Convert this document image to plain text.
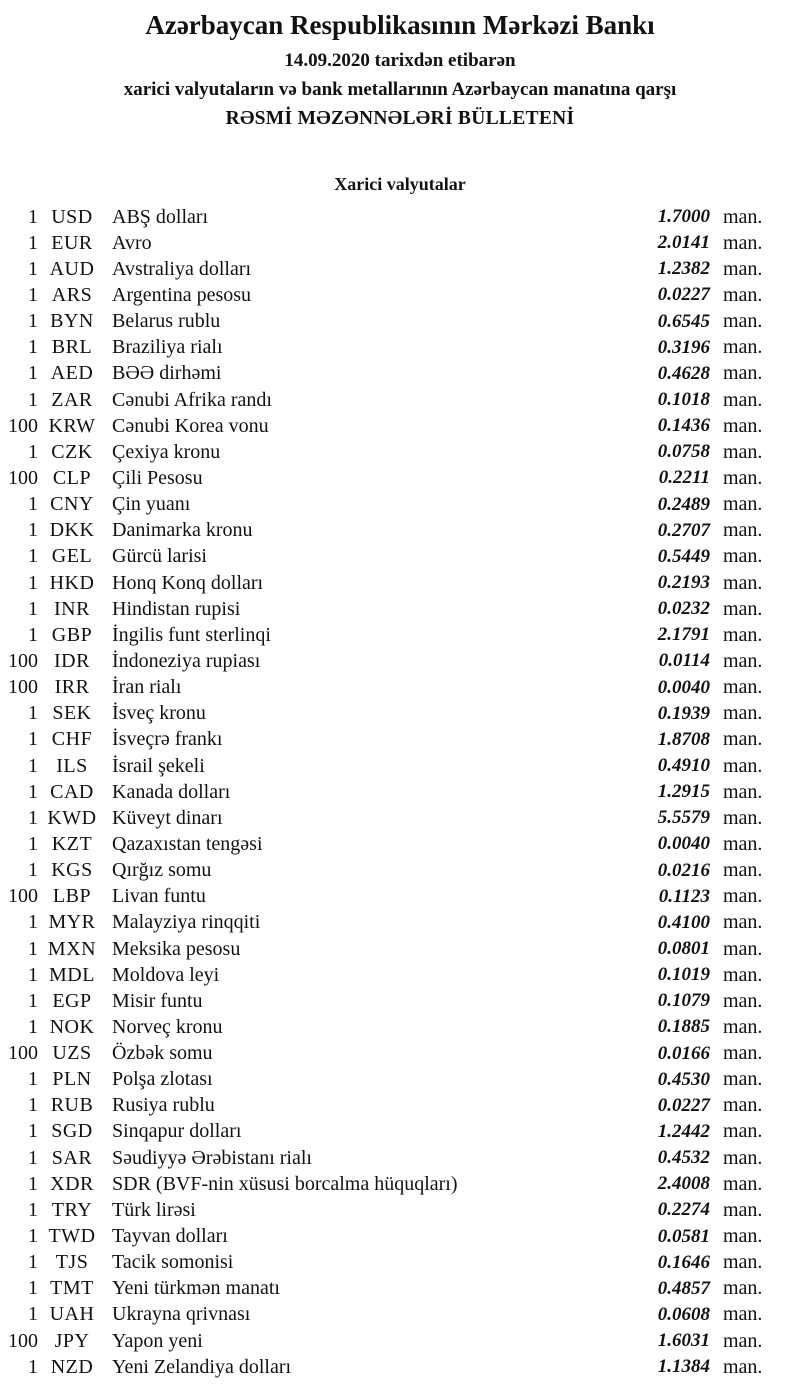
Azərbaycan Respublikasının Mərkəzi Bankı
14.09.2020 tarixdən etibarən
xarici valyutaların və bank metallarının Azərbaycan manatına qarşı
RƏSMİ MƏZƏNNƏLƏRİ BÜLLETENİ
Xarici valyutalar
1 USD ABŞ dolları	1.7000 man.
1 EUR Avro	2.0141 man.
1 AUD Avstraliya dolları	1.2382 man.
1 ARS Argentina pesosu	0.0227 man.
1 BYN Belarus rublu	0.6545 man.
1 BRL Braziliya rialı	0.3196 man.
1 AED BƏƏ dirhəmi	0.4628 man.
1 ZAR Cənubi Afrika randı	0.1018 man.
100 KRW Cənubi Korea vonu	0.1436 man.
1 CZK Çexiya kronu	0.0758 man.
100 CLP	Çili Pesosu	0.2211 man.
1 CNY Çin yuanı	0.2489 man.
1 DKK Danimarka kronu	0.2707 man.
1 GEL Gürcü larisi	0.5449 man.
1 HKD Honq Konq dolları	0.2193 man.
1 INR	Hindistan rupisi	0.0232 man.
1 GBP İngilis funt sterlinqi	2.1791 man.
100 IDR	İndoneziya rupiası	0.0114 man.
100 IRR	İran rialı	0.0040 man.
1 SEK	İsveç kronu	0.1939 man.
1 CHF İsveçrə frankı	1.8708 man.
1 ILS	İsrail şekeli	0.4910 man.
1 CAD Kanada dolları	1.2915 man.
1 KWD Küveyt dinarı	5.5579 man.
1 KZT Qazaxıstan tengəsi	0.0040 man.
1 KGS Qırğız somu	0.0216 man.
100 LBP	Livan funtu	0.1123 man.
1 MYR Malayziya rinqqiti	0.4100 man.
1 MXN Meksika pesosu	0.0801 man.
1 MDL Moldova leyi	0.1019 man.
1 EGP	Misir funtu	0.1079 man.
1 NOK Norveç kronu	0.1885 man.
100 UZS	Özbək somu	0.0166 man.
1 PLN	Polşa zlotası	0.4530 man.
1 RUB Rusiya rublu	0.0227 man.
1 SGD Sinqapur dolları	1.2442 man.
1 SAR Səudiyyə Ərəbistanı rialı	0.4532 man.
1 XDR SDR (BVF-nin xüsusi borcalma hüquqları)	2.4008 man.
1 TRY Türk lirəsi	0.2274 man.
1 TWD Tayvan dolları	0.0581 man.
1 TJS	Tacik somonisi	0.1646 man.
1 TMT Yeni türkmən manatı	0.4857 man.
1 UAH Ukrayna qrivnası	0.0608 man.
100 JPY	Yapon yeni	1.6031 man.
1 NZD Yeni Zelandiya dolları	1.1384 man.
